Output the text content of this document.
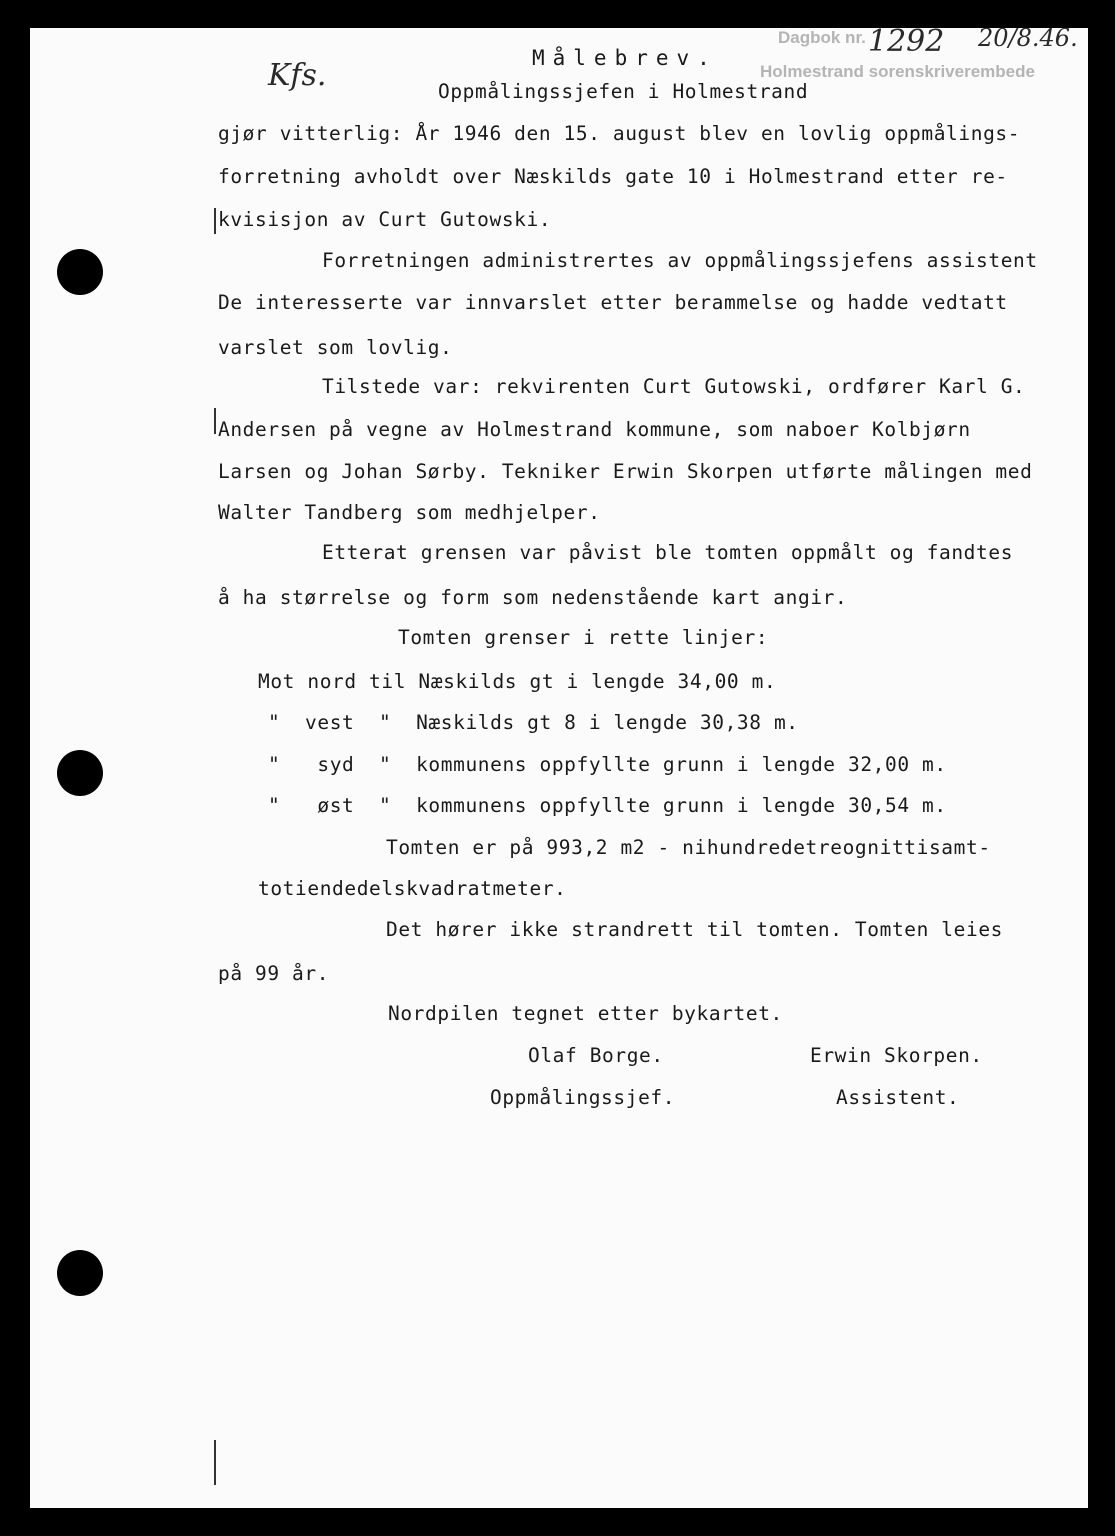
Dagbok nr.
Holmestrand sorenskriverembede
1292 20/8.46.
Kfs.	Målebrev.
Oppmålingssjefen i Holmestrand
gjør vitterlig: År 1946 den 15. august blev en lovlig oppmålings-
forretning avholdt over Næskilds gate 10 i Holmestrand etter re-
kvisisjon av Curt Gutowski.
Forretningen administrertes av oppmålingssjefens assistent
De interesserte var innvarslet etter berammelse og hadde vedtatt
varslet som lovlig.
Tilstede var: rekvirenten Curt Gutowski, ordfører Karl G.
Andersen på vegne av Holmestrand kommune, som naboer Kolbjørn
Larsen og Johan Sørby. Tekniker Erwin Skorpen utførte målingen med
Walter Tandberg som medhjelper.
Etterat grensen var påvist ble tomten oppmålt og fandtes
å ha størrelse og form som nedenstående kart angir.
Tomten grenser i rette linjer:
Mot nord til Næskilds gt i lengde 34,00 m.
"  vest  "  Næskilds gt 8 i lengde 30,38 m.
"   syd  "  kommunens oppfyllte grunn i lengde 32,00 m.
"   øst  "  kommunens oppfyllte grunn i lengde 30,54 m.
Tomten er på 993,2 m2 - nihundredetreognittisamt-
totiendedelskvadratmeter.
Det hører ikke strandrett til tomten. Tomten leies
på 99 år.
Nordpilen tegnet etter bykartet.
Olaf Borge.	Erwin Skorpen.
Oppmålingssjef.	Assistent.
